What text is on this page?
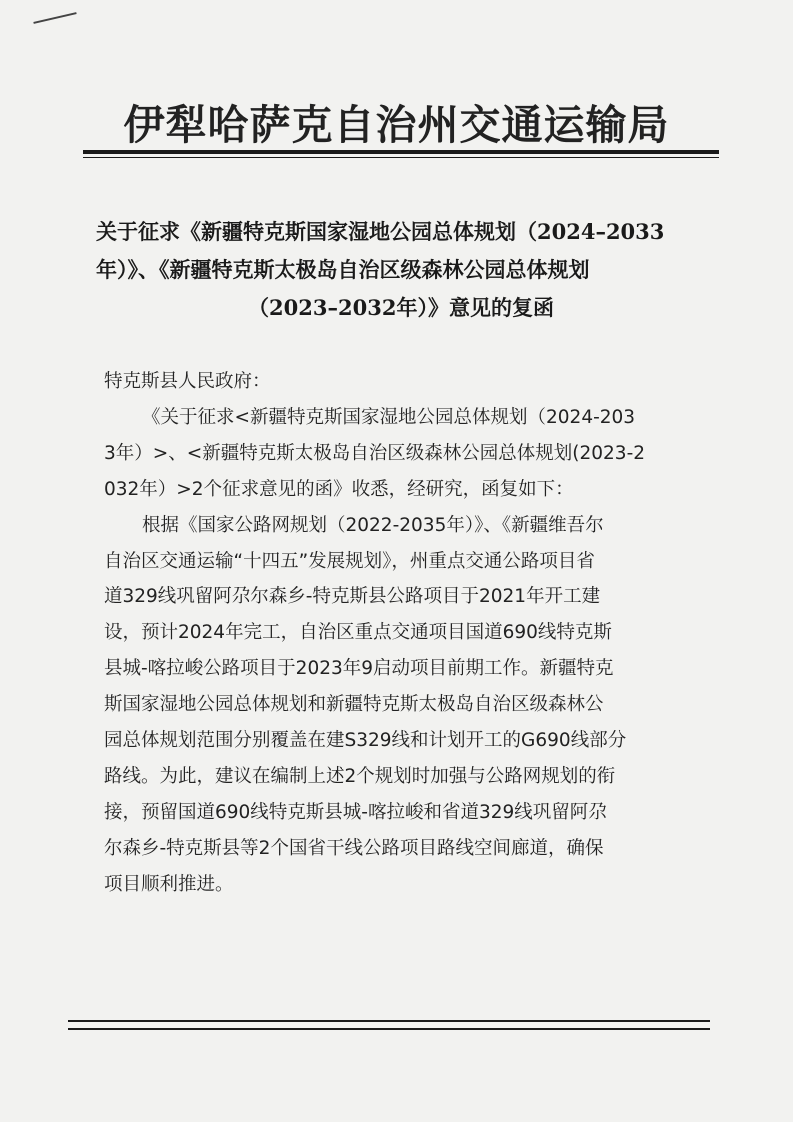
伊犁哈萨克自治州交通运输局
关于征求《新疆特克斯国家湿地公园总体规划（2024–2033
年）》、《新疆特克斯太极岛自治区级森林公园总体规划
（2023–2032年）》意见的复函
特克斯县人民政府：
《关于征求<新疆特克斯国家湿地公园总体规划（2024-203
3年）>、<新疆特克斯太极岛自治区级森林公园总体规划(2023-2
032年）>2个征求意见的函》收悉，经研究，函复如下：
根据《国家公路网规划（2022-2035年）》、《新疆维吾尔
自治区交通运输“十四五”发展规划》，州重点交通公路项目省
道329线巩留阿尕尔森乡-特克斯县公路项目于2021年开工建
设，预计2024年完工，自治区重点交通项目国道690线特克斯
县城-喀拉峻公路项目于2023年9启动项目前期工作。新疆特克
斯国家湿地公园总体规划和新疆特克斯太极岛自治区级森林公
园总体规划范围分别覆盖在建S329线和计划开工的G690线部分
路线。为此，建议在编制上述2个规划时加强与公路网规划的衔
接，预留国道690线特克斯县城-喀拉峻和省道329线巩留阿尕
尔森乡-特克斯县等2个国省干线公路项目路线空间廊道，确保
项目顺利推进。
